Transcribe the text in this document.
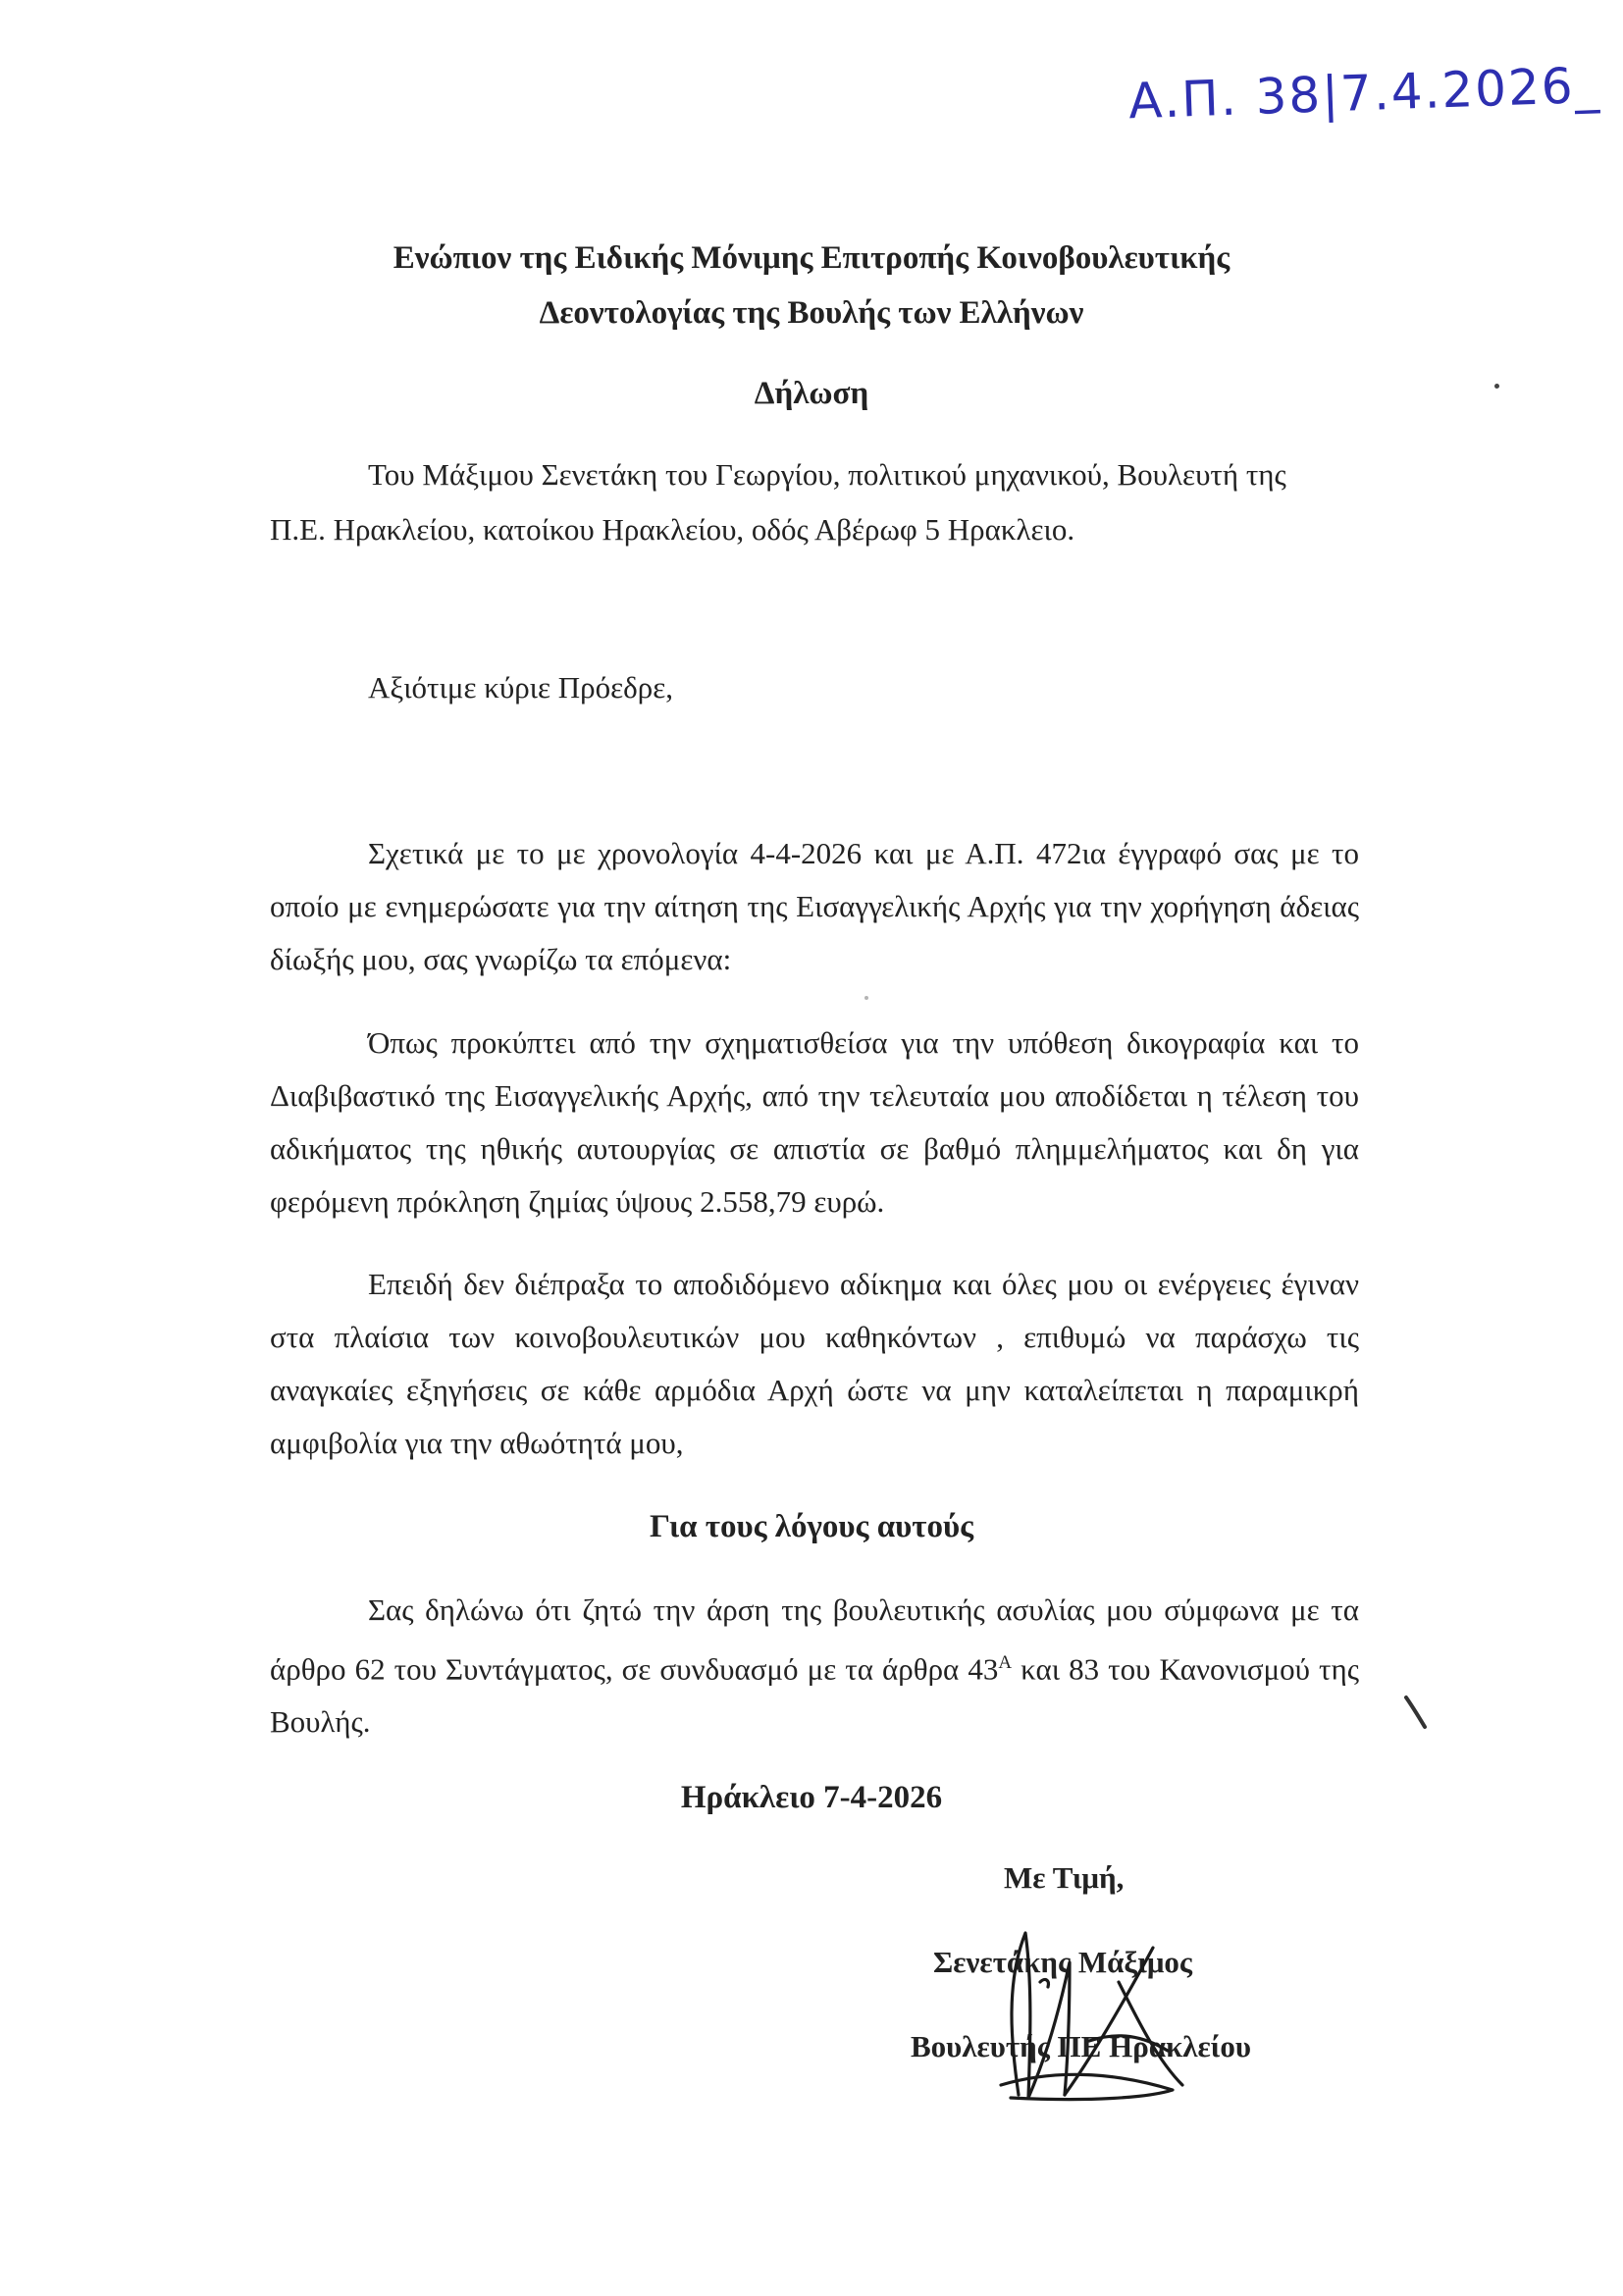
Α.Π. 38|7.4.2026_
Ενώπιον της Ειδικής Μόνιμης Επιτροπής Κοινοβουλευτικής
Δεοντολογίας της Βουλής των Ελλήνων
Δήλωση
Του Μάξιμου Σενετάκη του Γεωργίου, πολιτικού μηχανικού, Βουλευτή της
Π.Ε. Ηρακλείου, κατοίκου Ηρακλείου, οδός Αβέρωφ 5 Ηρακλειο.
Αξιότιμε κύριε Πρόεδρε,
Σχετικά με το με χρονολογία 4-4-2026 και με Α.Π. 472ια έγγραφό σας με το οποίο με ενημερώσατε για την αίτηση της Εισαγγελικής Αρχής για την χορήγηση άδειας δίωξής μου, σας γνωρίζω τα επόμενα:
Όπως προκύπτει από την σχηματισθείσα για την υπόθεση δικογραφία και το Διαβιβαστικό της Εισαγγελικής Αρχής, από την τελευταία μου αποδίδεται η τέλεση του αδικήματος της ηθικής αυτουργίας σε απιστία σε βαθμό πλημμελήματος και δη για φερόμενη πρόκληση ζημίας ύψους 2.558,79 ευρώ.
Επειδή δεν διέπραξα το αποδιδόμενο αδίκημα και όλες μου οι ενέργειες έγιναν στα πλαίσια των κοινοβουλευτικών μου καθηκόντων , επιθυμώ να παράσχω τις αναγκαίες εξηγήσεις σε κάθε αρμόδια Αρχή ώστε να μην καταλείπεται η παραμικρή αμφιβολία για την αθωότητά μου,
Για τους λόγους αυτούς
Σας δηλώνω ότι ζητώ την άρση της βουλευτικής ασυλίας μου σύμφωνα με τα άρθρο 62 του Συντάγματος, σε συνδυασμό με τα άρθρα $43^A$ και 83 του Κανονισμού της Βουλής.
Ηράκλειο 7-4-2026
Με Τιμή,
Σενετάκης Μάξιμος
Βουλευτής ΠΕ Ηρακλείου
